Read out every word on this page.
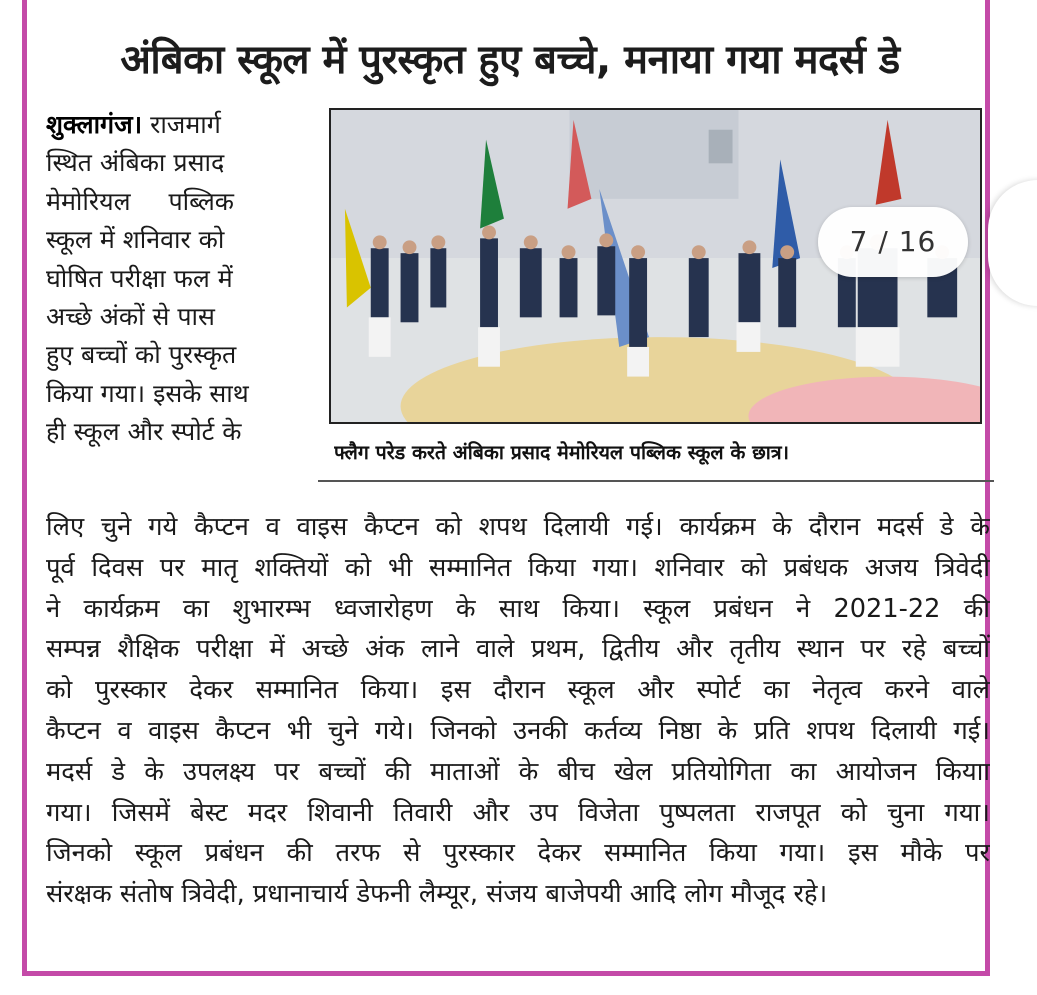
अंबिका स्कूल में पुरस्कृत हुए बच्चे, मनाया गया मदर्स डे
शुक्लागंज। राजमार्ग
स्थित अंबिका प्रसाद
मेमोरियल पब्लिक
स्कूल में शनिवार को
घोषित परीक्षा फल में
अच्छे अंकों से पास
हुए बच्चों को पुरस्कृत
किया गया। इसके साथ
ही स्कूल और स्पोर्ट के
फ्लैग परेड करते अंबिका प्रसाद मेमोरियल पब्लिक स्कूल के छात्र।
लिए चुने गये कैप्टन व वाइस कैप्टन को शपथ दिलायी गई। कार्यक्रम के दौरान मदर्स डे के
पूर्व दिवस पर मातृ शक्तियों को भी सम्मानित किया गया। शनिवार को प्रबंधक अजय त्रिवेदी
ने कार्यक्रम का शुभारम्भ ध्वजारोहण के साथ किया। स्कूल प्रबंधन ने 2021-22 की
सम्पन्न शैक्षिक परीक्षा में अच्छे अंक लाने वाले प्रथम, द्वितीय और तृतीय स्थान पर रहे बच्चों
को पुरस्कार देकर सम्मानित किया। इस दौरान स्कूल और स्पोर्ट का नेतृत्व करने वाले
कैप्टन व वाइस कैप्टन भी चुने गये। जिनको उनकी कर्तव्य निष्ठा के प्रति शपथ दिलायी गई।
मदर्स डे के उपलक्ष्य पर बच्चों की माताओं के बीच खेल प्रतियोगिता का आयोजन कियाा
गया। जिसमें बेस्ट मदर शिवानी तिवारी और उप विजेता पुष्पलता राजपूत को चुना गया।
जिनको स्कूल प्रबंधन की तरफ से पुरस्कार देकर सम्मानित किया गया। इस मौके पर
संरक्षक संतोष त्रिवेदी, प्रधानाचार्य डेफनी लैम्यूर, संजय बाजेपयी आदि लोग मौजूद रहे।
7 / 16
